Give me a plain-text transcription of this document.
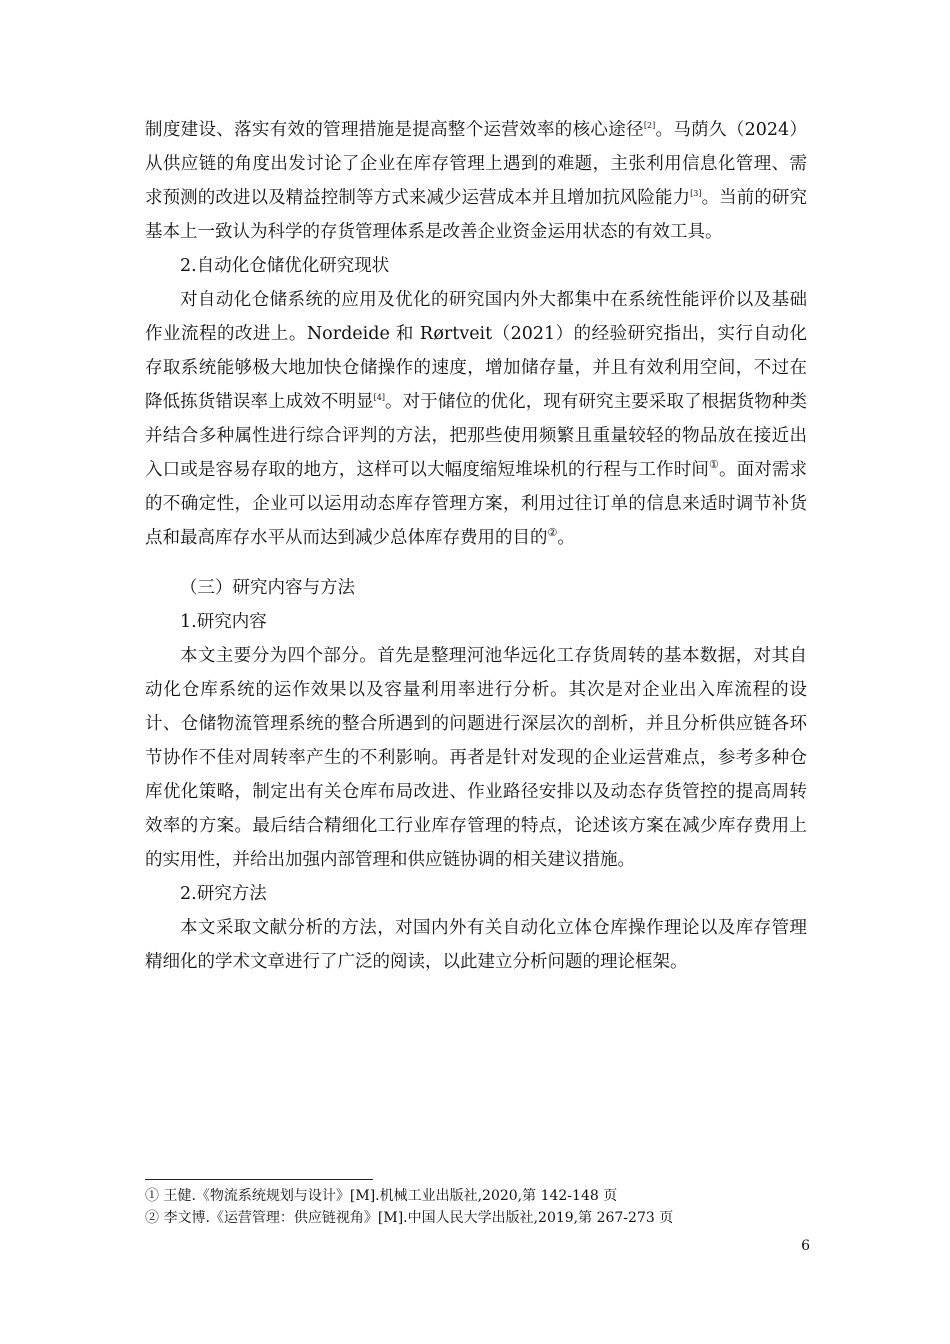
制度建设、落实有效的管理措施是提高整个运营效率的核心途径[2]。马荫久（2024）从供应链的角度出发讨论了企业在库存管理上遇到的难题，主张利用信息化管理、需求预测的改进以及精益控制等方式来减少运营成本并且增加抗风险能力[3]。当前的研究基本上一致认为科学的存货管理体系是改善企业资金运用状态的有效工具。

2.自动化仓储优化研究现状

对自动化仓储系统的应用及优化的研究国内外大都集中在系统性能评价以及基础作业流程的改进上。Nordeide 和 Rørtveit（2021）的经验研究指出，实行自动化存取系统能够极大地加快仓储操作的速度，增加储存量，并且有效利用空间，不过在降低拣货错误率上成效不明显[4]。对于储位的优化，现有研究主要采取了根据货物种类并结合多种属性进行综合评判的方法，把那些使用频繁且重量较轻的物品放在接近出入口或是容易存取的地方，这样可以大幅度缩短堆垛机的行程与工作时间①。面对需求的不确定性，企业可以运用动态库存管理方案，利用过往订单的信息来适时调节补货点和最高库存水平从而达到减少总体库存费用的目的②。

（三）研究内容与方法

1.研究内容

本文主要分为四个部分。首先是整理河池华远化工存货周转的基本数据，对其自动化仓库系统的运作效果以及容量利用率进行分析。其次是对企业出入库流程的设计、仓储物流管理系统的整合所遇到的问题进行深层次的剖析，并且分析供应链各环节协作不佳对周转率产生的不利影响。再者是针对发现的企业运营难点，参考多种仓库优化策略，制定出有关仓库布局改进、作业路径安排以及动态存货管控的提高周转效率的方案。最后结合精细化工行业库存管理的特点，论述该方案在减少库存费用上的实用性，并给出加强内部管理和供应链协调的相关建议措施。

2.研究方法

本文采取文献分析的方法，对国内外有关自动化立体仓库操作理论以及库存管理精细化的学术文章进行了广泛的阅读，以此建立分析问题的理论框架。

① 王健.《物流系统规划与设计》[M].机械工业出版社,2020,第 142-148 页

② 李文博.《运营管理：供应链视角》[M].中国人民大学出版社,2019,第 267-273 页

6
